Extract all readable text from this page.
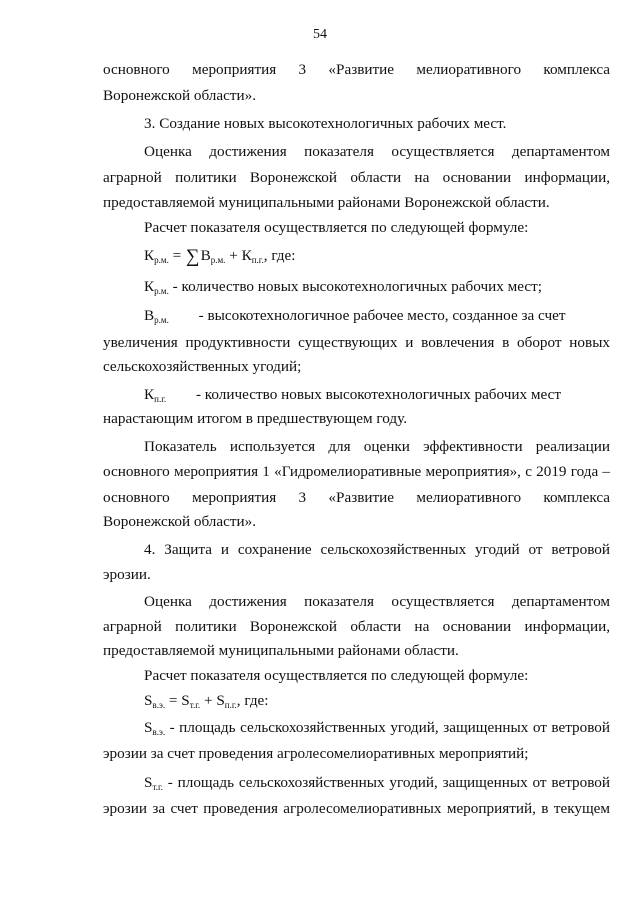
54
основного мероприятия 3 «Развитие мелиоративного комплекса
Воронежской области».
3. Создание новых высокотехнологичных рабочих мест.
Оценка достижения показателя осуществляется департаментом
аграрной политики Воронежской области на основании информации,
предоставляемой муниципальными районами Воронежской области.
Расчет показателя осуществляется по следующей формуле:
$К_{р.м.} = \sum В_{р.м.} + К_{п.г.}$, где:
$К_{р.м.}$ - количество новых высокотехнологичных рабочих мест;
$В_{р.м.}$ - высокотехнологичное рабочее место, созданное за счет
увеличения продуктивности существующих и вовлечения в оборот новых
сельскохозяйственных угодий;
$К_{п.г.}$ - количество новых высокотехнологичных рабочих мест
нарастающим итогом в предшествующем году.
Показатель используется для оценки эффективности реализации
основного мероприятия 1 «Гидромелиоративные мероприятия», с 2019 года –
основного мероприятия 3 «Развитие мелиоративного комплекса
Воронежской области».
4. Защита и сохранение сельскохозяйственных угодий от ветровой
эрозии.
Оценка достижения показателя осуществляется департаментом
аграрной политики Воронежской области на основании информации,
предоставляемой муниципальными районами области.
Расчет показателя осуществляется по следующей формуле:
$S_{в.э.} = S_{т.г.} + S_{п.г.}$, где:
$S_{в.э.}$ - площадь сельскохозяйственных угодий, защищенных от ветровой
эрозии за счет проведения агролесомелиоративных мероприятий;
$S_{т.г.}$ - площадь сельскохозяйственных угодий, защищенных от ветровой
эрозии за счет проведения агролесомелиоративных мероприятий, в текущем
